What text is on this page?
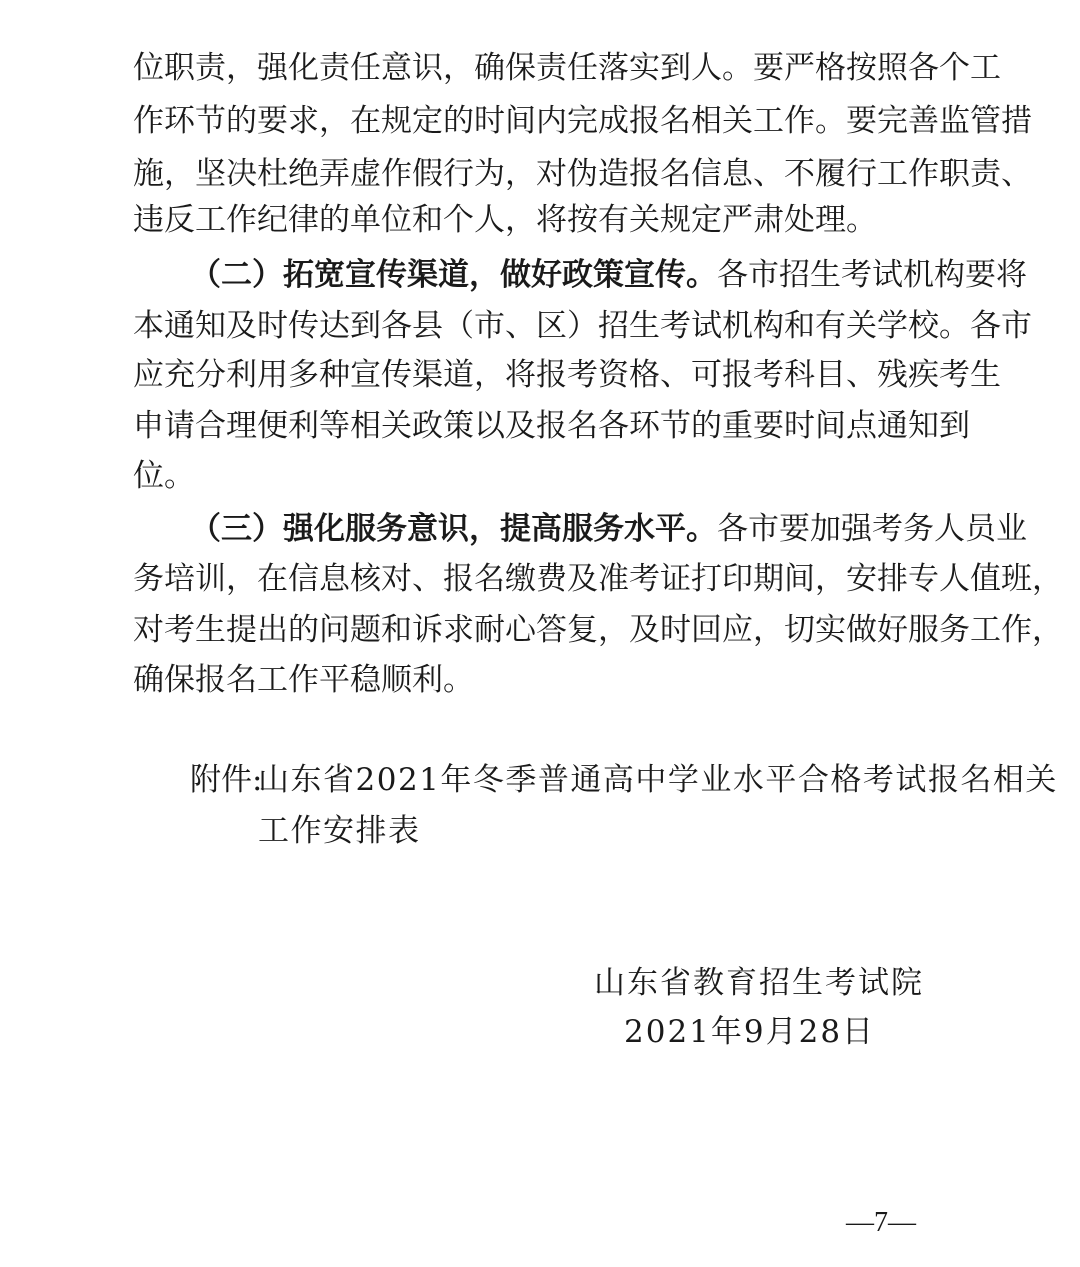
位职责，强化责任意识，确保责任落实到人。要严格按照各个工
作环节的要求，在规定的时间内完成报名相关工作。要完善监管措
施，坚决杜绝弄虚作假行为，对伪造报名信息、不履行工作职责、
违反工作纪律的单位和个人，将按有关规定严肃处理。
（二）拓宽宣传渠道，做好政策宣传。各市招生考试机构要将
本通知及时传达到各县（市、区）招生考试机构和有关学校。各市
应充分利用多种宣传渠道，将报考资格、可报考科目、残疾考生
申请合理便利等相关政策以及报名各环节的重要时间点通知到
位。
（三）强化服务意识，提高服务水平。各市要加强考务人员业
务培训，在信息核对、报名缴费及准考证打印期间，安排专人值班，
对考生提出的问题和诉求耐心答复，及时回应，切实做好服务工作，
确保报名工作平稳顺利。
附件:
山东省2021年冬季普通高中学业水平合格考试报名相关
工作安排表
山东省教育招生考试院
2021年9月28日
—7—
